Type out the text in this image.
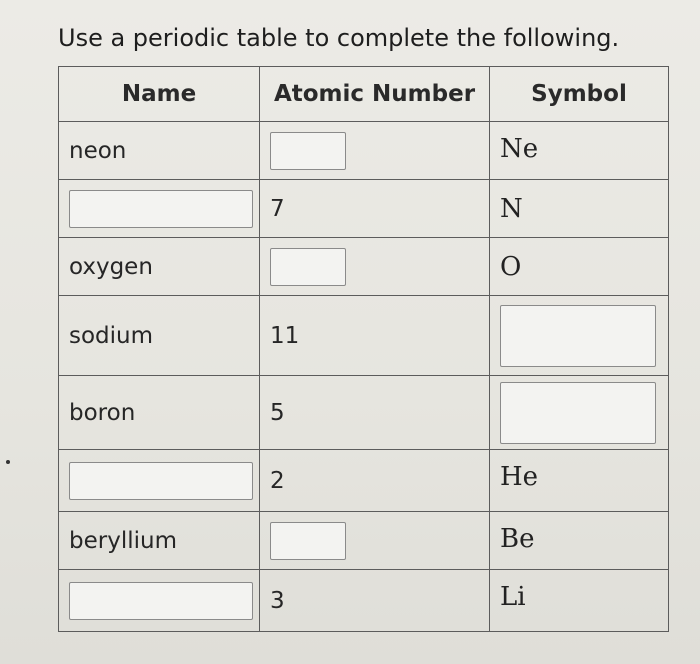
Use a periodic table to complete the following.
Name	Atomic Number	Symbol
neon		Ne

	7	N
oxygen		O
sodium	11	

boron	5	

	2	He

beryllium		Be

	3	Li
